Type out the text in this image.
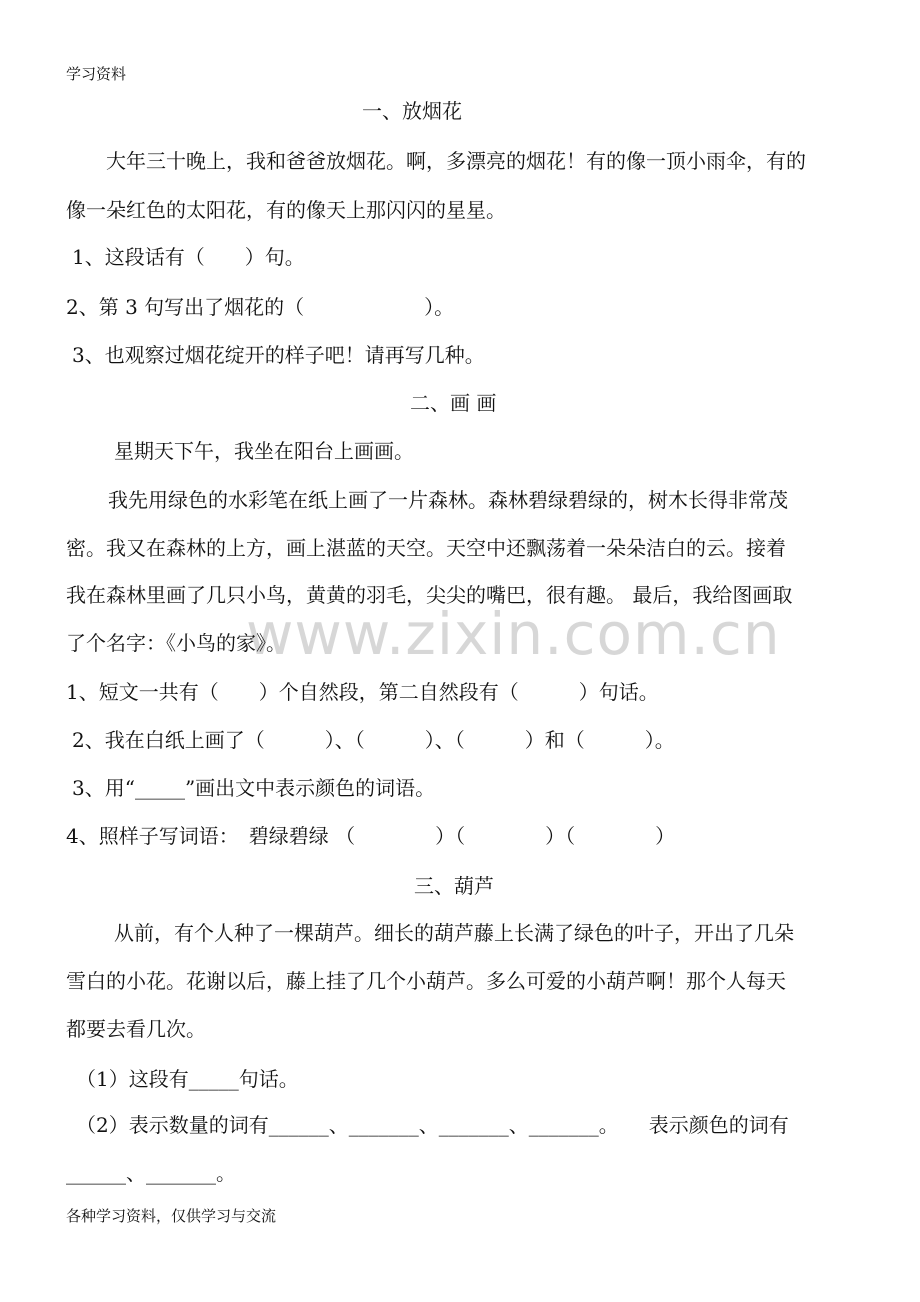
www.zixin.com.cn
学习资料
一、放烟花
大年三十晚上，我和爸爸放烟花。啊，多漂亮的烟花！有的像一顶小雨伞，有的
像一朵红色的太阳花，有的像天上那闪闪的星星。
1、这段话有（　　）句。
2、第 3 句写出了烟花的（　　　　　　）。
3、也观察过烟花绽开的样子吧！请再写几种。
二、画 画
星期天下午，我坐在阳台上画画。
我先用绿色的水彩笔在纸上画了一片森林。森林碧绿碧绿的，树木长得非常茂
密。我又在森林的上方，画上湛蓝的天空。天空中还飘荡着一朵朵洁白的云。接着
我在森林里画了几只小鸟，黄黄的羽毛，尖尖的嘴巴，很有趣。 最后，我给图画取
了个名字：《小鸟的家》。
1、短文一共有（　　）个自然段，第二自然段有（　　　）句话。
2、我在白纸上画了（　　　）、（　　　）、（　　　）和（　　　）。
3、用“_____”画出文中表示颜色的词语。
4、照样子写词语：　碧绿碧绿 （　　　　）（　　　　）（　　　　）
三、葫芦
从前，有个人种了一棵葫芦。细长的葫芦藤上长满了绿色的叶子，开出了几朵
雪白的小花。花谢以后，藤上挂了几个小葫芦。多么可爱的小葫芦啊！那个人每天
都要去看几次。
（1）这段有_____句话。
（2）表示数量的词有______、_______、_______、_______。　　表示颜色的词有
______、_______。
各种学习资料，仅供学习与交流
